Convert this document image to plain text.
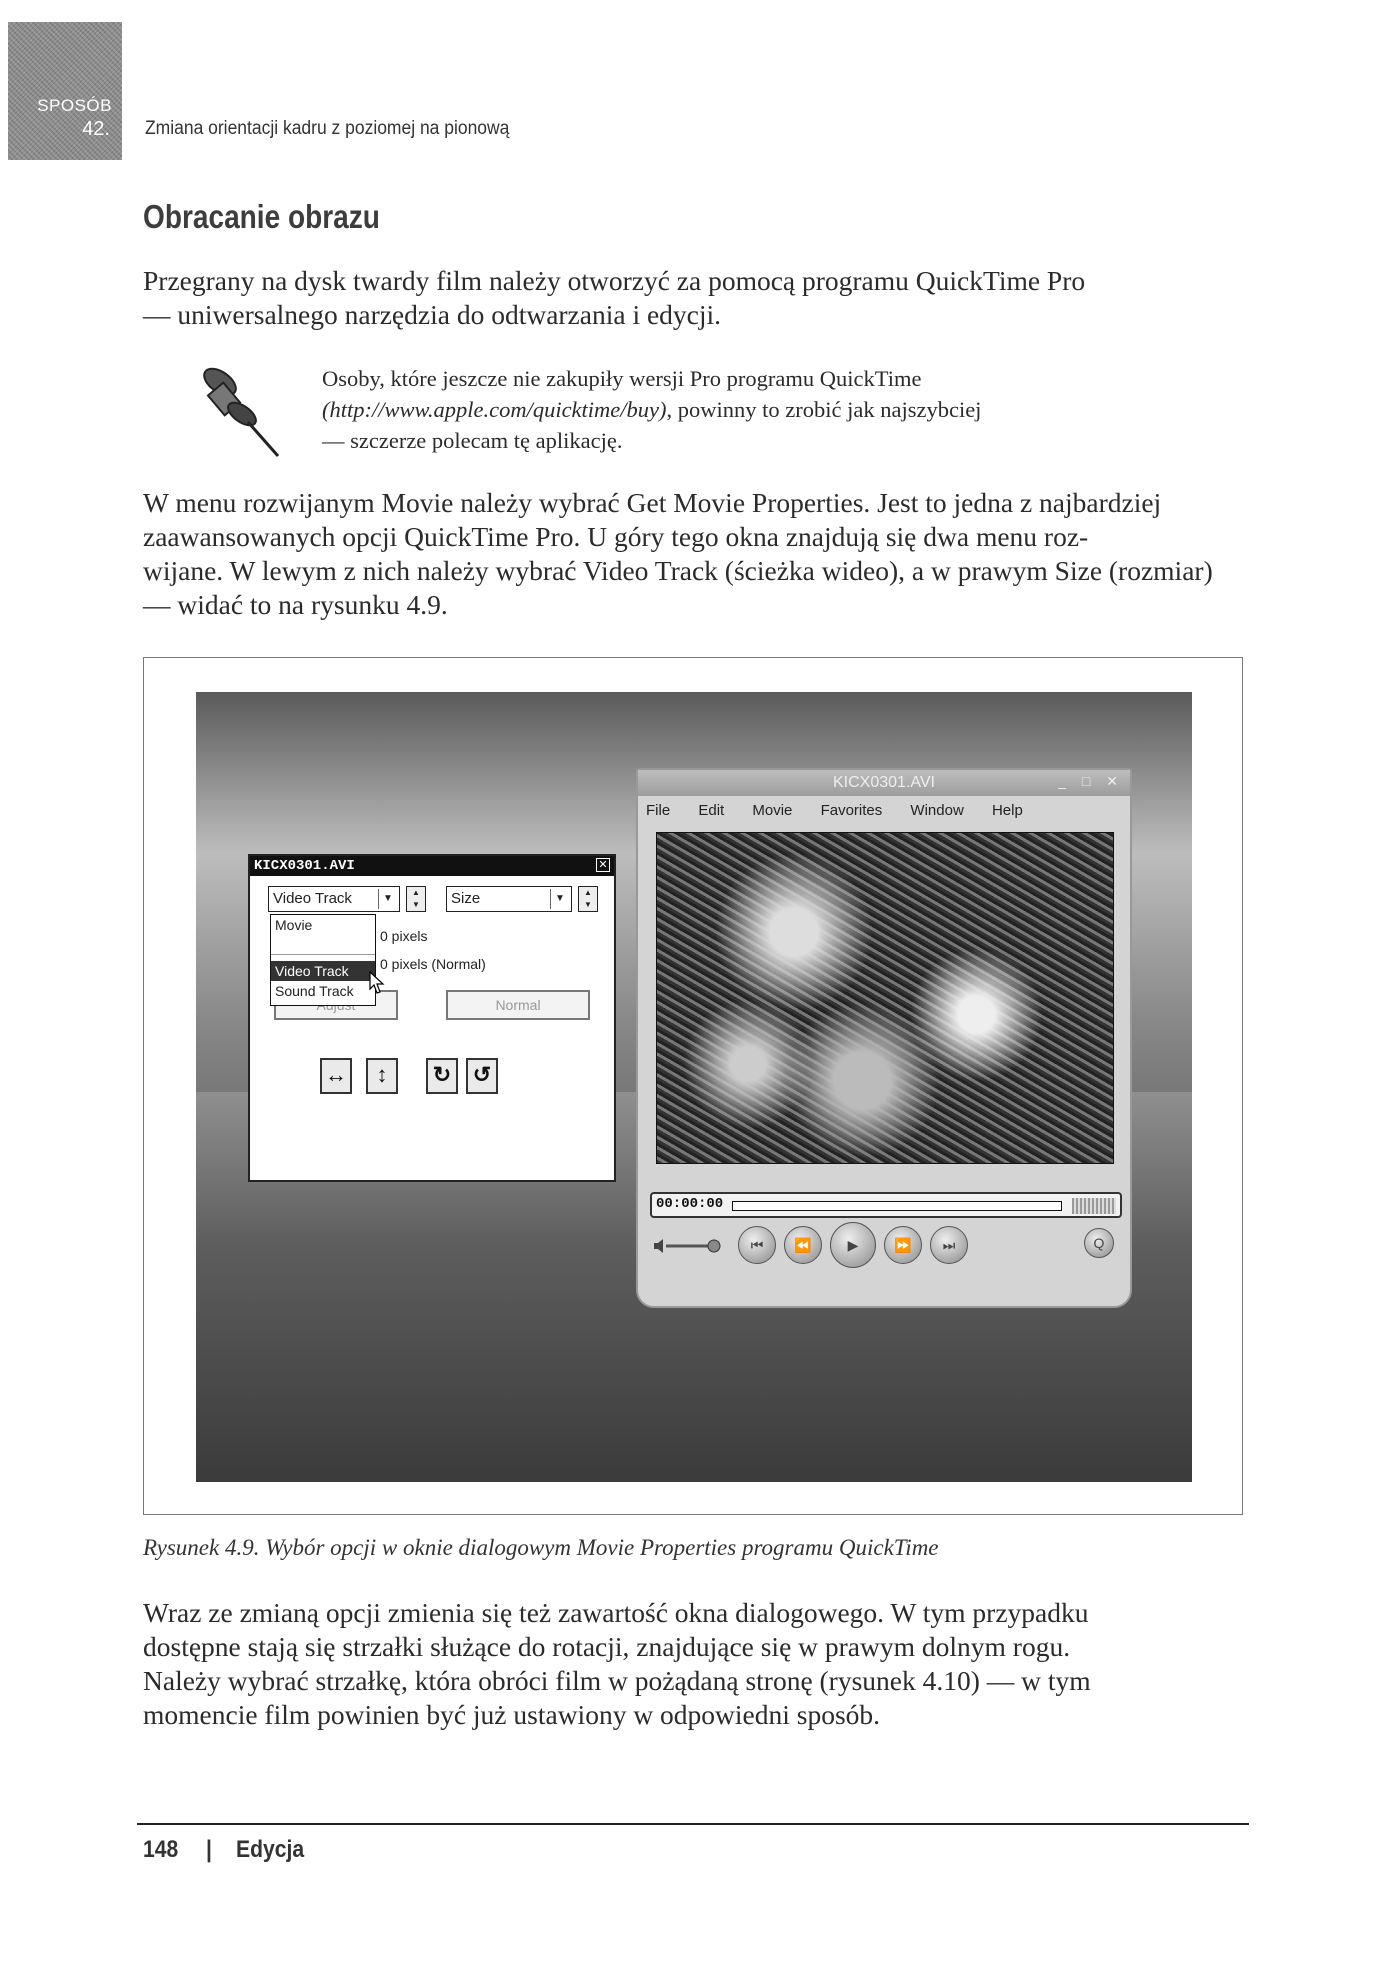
SPOSÓB
42. Zmiana orientacji kadru z poziomej na pionową
Obracanie obrazu

Przegrany na dysk twardy film należy otworzyć za pomocą programu QuickTime Pro

— uniwersalnego narzędzia do odtwarzania i edycji.

Osoby, które jeszcze nie zakupiły wersji Pro programu QuickTime
(http://www.apple.com/quicktime/buy), powinny to zrobić jak najszybciej
— szczerze polecam tę aplikację.

W menu rozwijanym Movie należy wybrać Get Movie Properties. Jest to jedna z najbardziej

zaawansowanych opcji QuickTime Pro. U góry tego okna znajdują się dwa menu roz-

wijane. W lewym z nich należy wybrać Video Track (ścieżka wideo), a w prawym Size (rozmiar)

— widać to na rysunku 4.9.

KICX0301.AVI	✕
Video Track	▼
▲
▼	Size	▼
▲
▼
0 pixels
0 pixels (Normal)
Normal
Movie
Video Track
Sound Track
↔	↕	↻ ↺
KICX0301.AVI	_ □ ✕
File Edit Movie Favorites Window Help
00:00:00
⏮	⏪	▶	⏩	⏭	Q
Rysunek 4.9. Wybór opcji w oknie dialogowym Movie Properties programu QuickTime

Wraz ze zmianą opcji zmienia się też zawartość okna dialogowego. W tym przypadku

dostępne stają się strzałki służące do rotacji, znajdujące się w prawym dolnym rogu.

Należy wybrać strzałkę, która obróci film w pożądaną stronę (rysunek 4.10) — w tym

momencie film powinien być już ustawiony w odpowiedni sposób.

148 | Edycja
